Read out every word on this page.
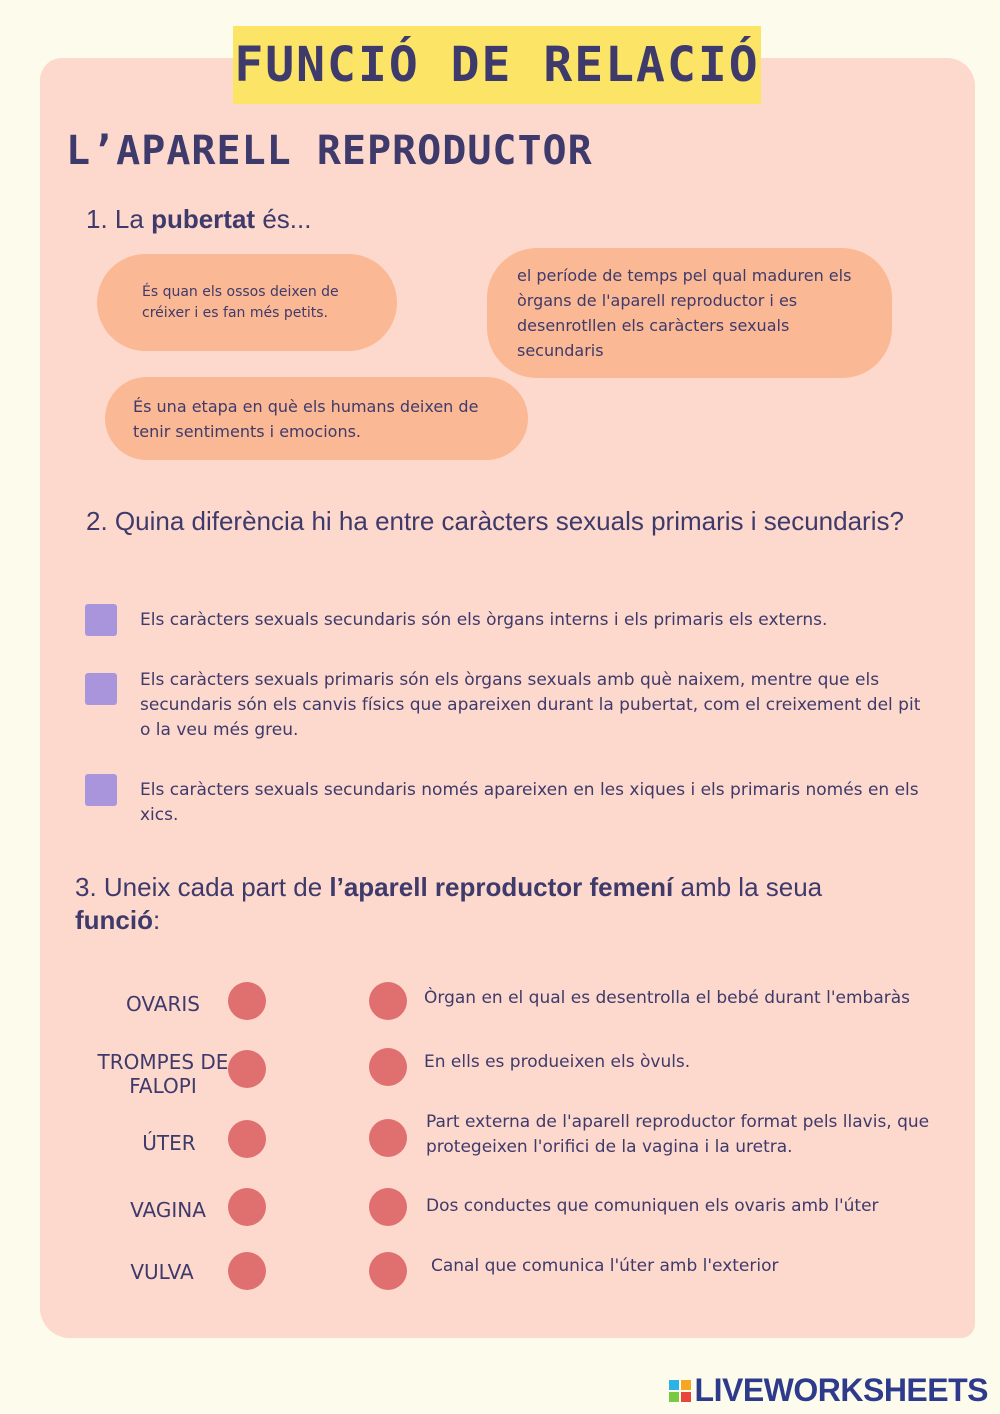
FUNCIÓ DE RELACIÓ
L’APARELL REPRODUCTOR
1. La pubertat és...
És quan els ossos deixen de créixer i es fan més petits.
el període de temps pel qual maduren els òrgans de l'aparell reproductor i es desenrotllen els caràcters sexuals secundaris
És una etapa en què els humans deixen de tenir sentiments i emocions.
2. Quina diferència hi ha entre caràcters sexuals primaris i secundaris?
Els caràcters sexuals secundaris són els òrgans interns i els primaris els externs.
Els caràcters sexuals primaris són els òrgans sexuals amb què naixem, mentre que els secundaris són els canvis físics que apareixen durant la pubertat, com el creixement del pit o la veu més greu.
Els caràcters sexuals secundaris només apareixen en les xiques i els primaris només en els xics.
3. Uneix cada part de l’aparell reproductor femení amb la seua funció:
OVARIS
TROMPES DE FALOPI
ÚTER
VAGINA
VULVA
Òrgan en el qual es desentrolla el bebé durant l'embaràs
En ells es produeixen els òvuls.
Part externa de l'aparell reproductor format pels llavis, que protegeixen l'orifici de la vagina i la uretra.
Dos conductes que comuniquen els ovaris amb l'úter
Canal que comunica l'úter amb l'exterior
LIVEWORKSHEETS
